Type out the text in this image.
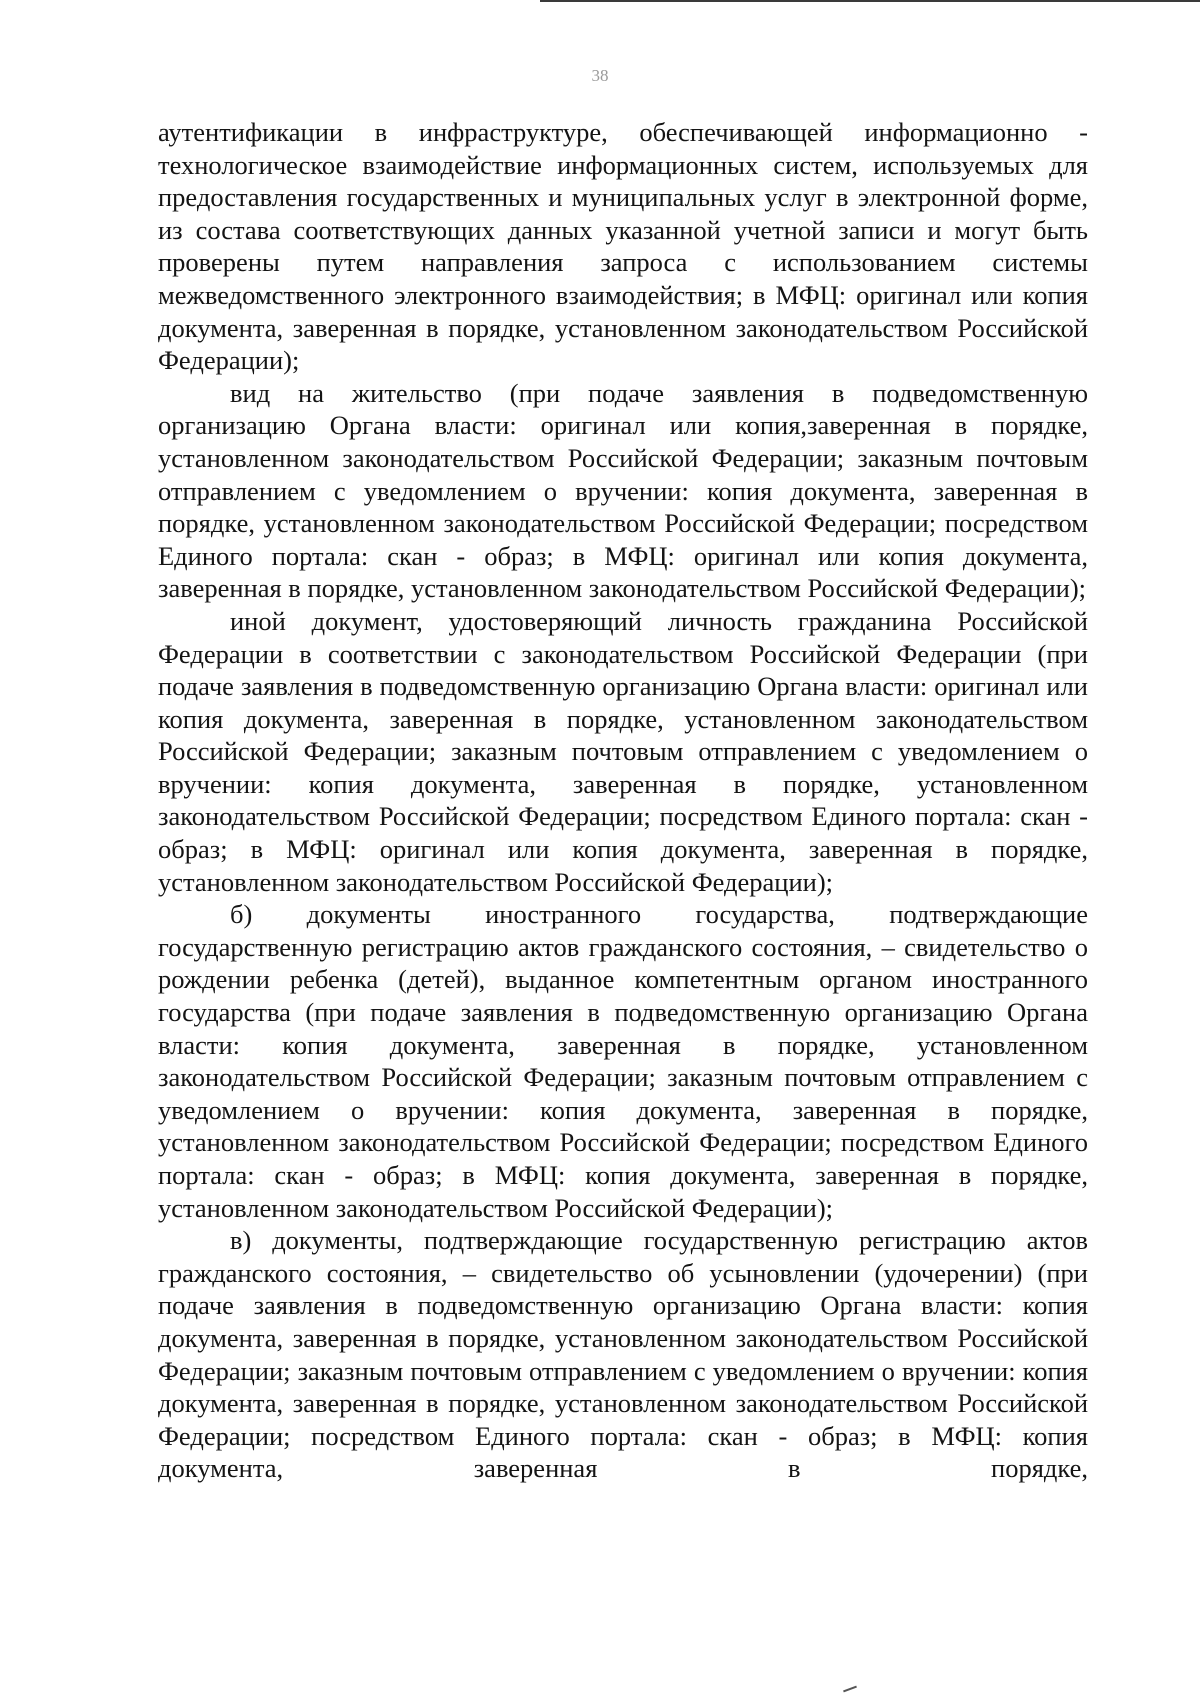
38

аутентификации в инфраструктуре, обеспечивающей информационно - технологическое взаимодействие информационных систем, используемых для предоставления государственных и муниципальных услуг в электронной форме, из состава соответствующих данных указанной учетной записи и могут быть проверены путем направления запроса с использованием системы межведомственного электронного взаимодействия; в МФЦ: оригинал или копия документа, заверенная в порядке, установленном законодательством Российской Федерации);

вид на жительство (при подаче заявления в подведомственную организацию Органа власти: оригинал или копия,заверенная в порядке, установленном законодательством Российской Федерации; заказным почтовым отправлением с уведомлением о вручении: копия документа, заверенная в порядке, установленном законодательством Российской Федерации; посредством Единого портала: скан - образ; в МФЦ: оригинал или копия документа, заверенная в порядке, установленном законодательством Российской Федерации);

иной документ, удостоверяющий личность гражданина Российской Федерации в соответствии с законодательством Российской Федерации (при подаче заявления в подведомственную организацию Органа власти: оригинал или копия документа, заверенная в порядке, установленном законодательством Российской Федерации; заказным почтовым отправлением с уведомлением о вручении: копия документа, заверенная в порядке, установленном законодательством Российской Федерации; посредством Единого портала: скан - образ; в МФЦ: оригинал или копия документа, заверенная в порядке, установленном законодательством Российской Федерации);

б) документы иностранного государства, подтверждающие государственную регистрацию актов гражданского состояния, – свидетельство о рождении ребенка (детей), выданное компетентным органом иностранного государства (при подаче заявления в подведомственную организацию Органа власти: копия документа, заверенная в порядке, установленном законодательством Российской Федерации; заказным почтовым отправлением с уведомлением о вручении: копия документа, заверенная в порядке, установленном законодательством Российской Федерации; посредством Единого портала: скан - образ; в МФЦ: копия документа, заверенная в порядке, установленном законодательством Российской Федерации);

в) документы, подтверждающие государственную регистрацию актов гражданского состояния, – свидетельство об усыновлении (удочерении) (при подаче заявления в подведомственную организацию Органа власти: копия документа, заверенная в порядке, установленном законодательством Российской Федерации; заказным почтовым отправлением с уведомлением о вручении: копия документа, заверенная в порядке, установленном законодательством Российской Федерации; посредством Единого портала: скан - образ; в МФЦ: копия документа, заверенная в порядке,
